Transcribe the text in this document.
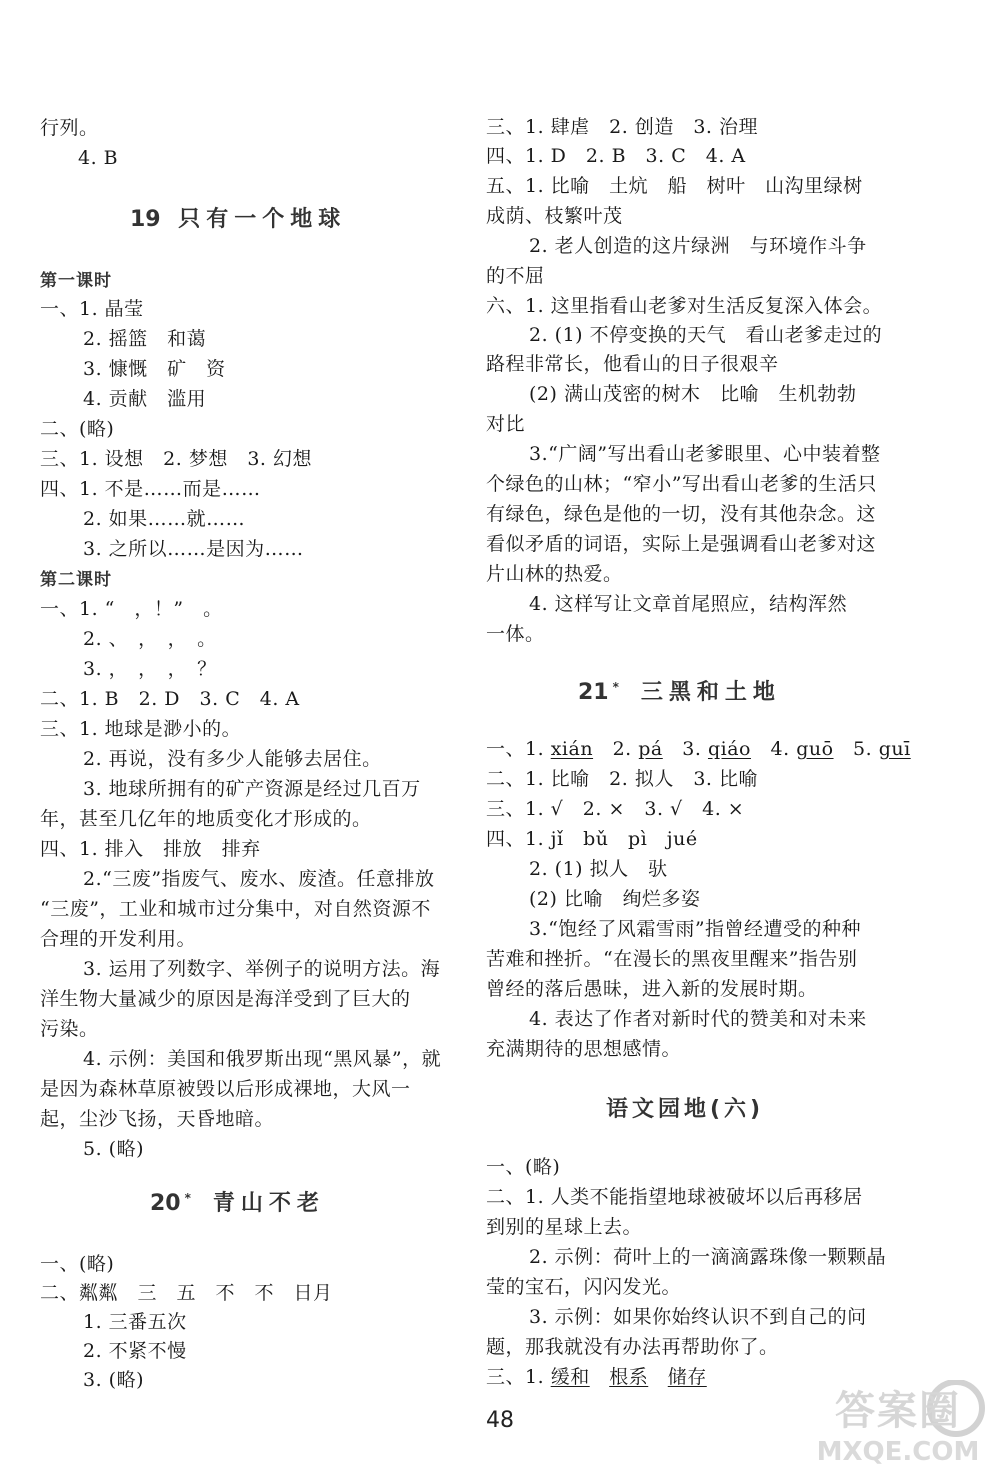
行列。
4. B
19 只有一个地球
第一课时
一、1. 晶莹
2. 摇篮　和蔼
3. 慷慨　矿　资
4. 贡献　滥用
二、(略)
三、1. 设想　2. 梦想　3. 幻想
四、1. 不是……而是……
2. 如果……就……
3. 之所以……是因为……
第二课时
一、1. “　，！”　。
2. 、　，　，　。
3. ，　，　，　？
二、1. B　2. D　3. C　4. A
三、1. 地球是渺小的。
2. 再说，没有多少人能够去居住。
3. 地球所拥有的矿产资源是经过几百万
年，甚至几亿年的地质变化才形成的。
四、1. 排入　排放　排弃
2.“三废”指废气、废水、废渣。任意排放
“三废”，工业和城市过分集中，对自然资源不
合理的开发利用。
3. 运用了列数字、举例子的说明方法。海
洋生物大量减少的原因是海洋受到了巨大的
污染。
4. 示例：美国和俄罗斯出现“黑风暴”，就
是因为森林草原被毁以后形成裸地，大风一
起，尘沙飞扬，天昏地暗。
5. (略)
20 * 青山不老
一、(略)
二、粼粼　三　五　不　不　日月
1. 三番五次
2. 不紧不慢
3. (略)
三、1. 肆虐　2. 创造　3. 治理
四、1. D　2. B　3. C　4. A
五、1. 比喻　土炕　船　树叶　山沟里绿树
成荫、枝繁叶茂
2. 老人创造的这片绿洲　与环境作斗争
的不屈
六、1. 这里指看山老爹对生活反复深入体会。
2. (1) 不停变换的天气　看山老爹走过的
路程非常长，他看山的日子很艰辛
(2) 满山茂密的树木　比喻　生机勃勃
对比
3.“广阔”写出看山老爹眼里、心中装着整
个绿色的山林；“窄小”写出看山老爹的生活只
有绿色，绿色是他的一切，没有其他杂念。这
看似矛盾的词语，实际上是强调看山老爹对这
片山林的热爱。
4. 这样写让文章首尾照应，结构浑然
一体。
21 * 三黑和土地
一、1. xián　 2. pá　 3. qiáo　 4. guō　 5. guī
二、1. 比喻　2. 拟人　3. 比喻
三、1. √　2. ×　3. √　4. ×
四、1. jǐ　bǔ　pì　jué
2. (1) 拟人　驮
(2) 比喻　绚烂多姿
3.“饱经了风霜雪雨”指曾经遭受的种种
苦难和挫折。“在漫长的黑夜里醒来”指告别
曾经的落后愚昧，进入新的发展时期。
4. 表达了作者对新时代的赞美和对未来
充满期待的思想感情。
语文园地(六)
一、(略)
二、1. 人类不能指望地球被破坏以后再移居
到别的星球上去。
2. 示例：荷叶上的一滴滴露珠像一颗颗晶
莹的宝石，闪闪发光。
3. 示例：如果你始终认识不到自己的问
题，那我就没有办法再帮助你了。
三、1. 缓和　 根系　 储存
48	答案圈
MXQE.COM
